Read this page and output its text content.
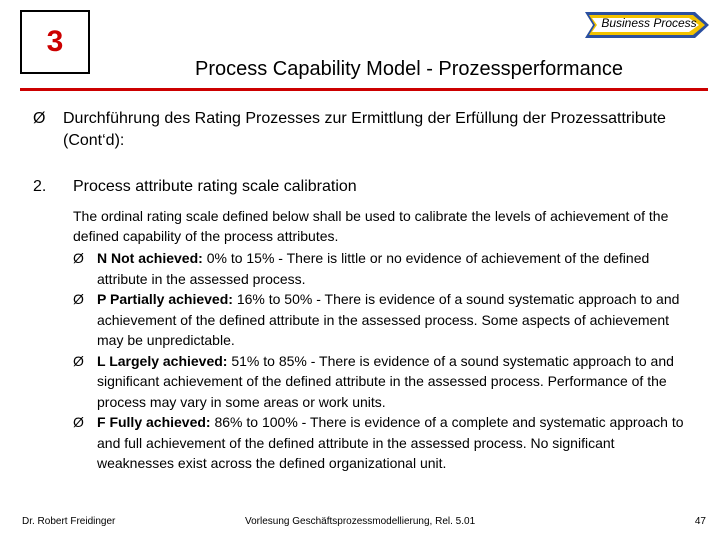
3
Business Process
Process Capability Model - Prozessperformance
Ø Durchführung des Rating Prozesses zur Ermittlung der Erfüllung der Prozessattribute (Cont‘d):
2. Process attribute rating scale calibration
The ordinal rating scale defined below shall be used to calibrate the levels of achievement of the defined capability of the process attributes.
Ø N Not achieved: 0% to 15% - There is little or no evidence of achievement of the defined attribute in the assessed process.
Ø P Partially achieved: 16% to 50% - There is evidence of a sound systematic approach to and achievement of the defined attribute in the assessed process. Some aspects of achievement may be unpredictable.
Ø L Largely achieved: 51% to 85% - There is evidence of a sound systematic approach to and significant achievement of the defined attribute in the assessed process. Performance of the process may vary in some areas or work units.
Ø F Fully achieved: 86% to 100% - There is evidence of a complete and systematic approach to and full achievement of the defined attribute in the assessed process. No significant weaknesses exist across the defined organizational unit.
Dr. Robert Freidinger	Vorlesung Geschäftsprozessmodellierung, Rel. 5.01	47
